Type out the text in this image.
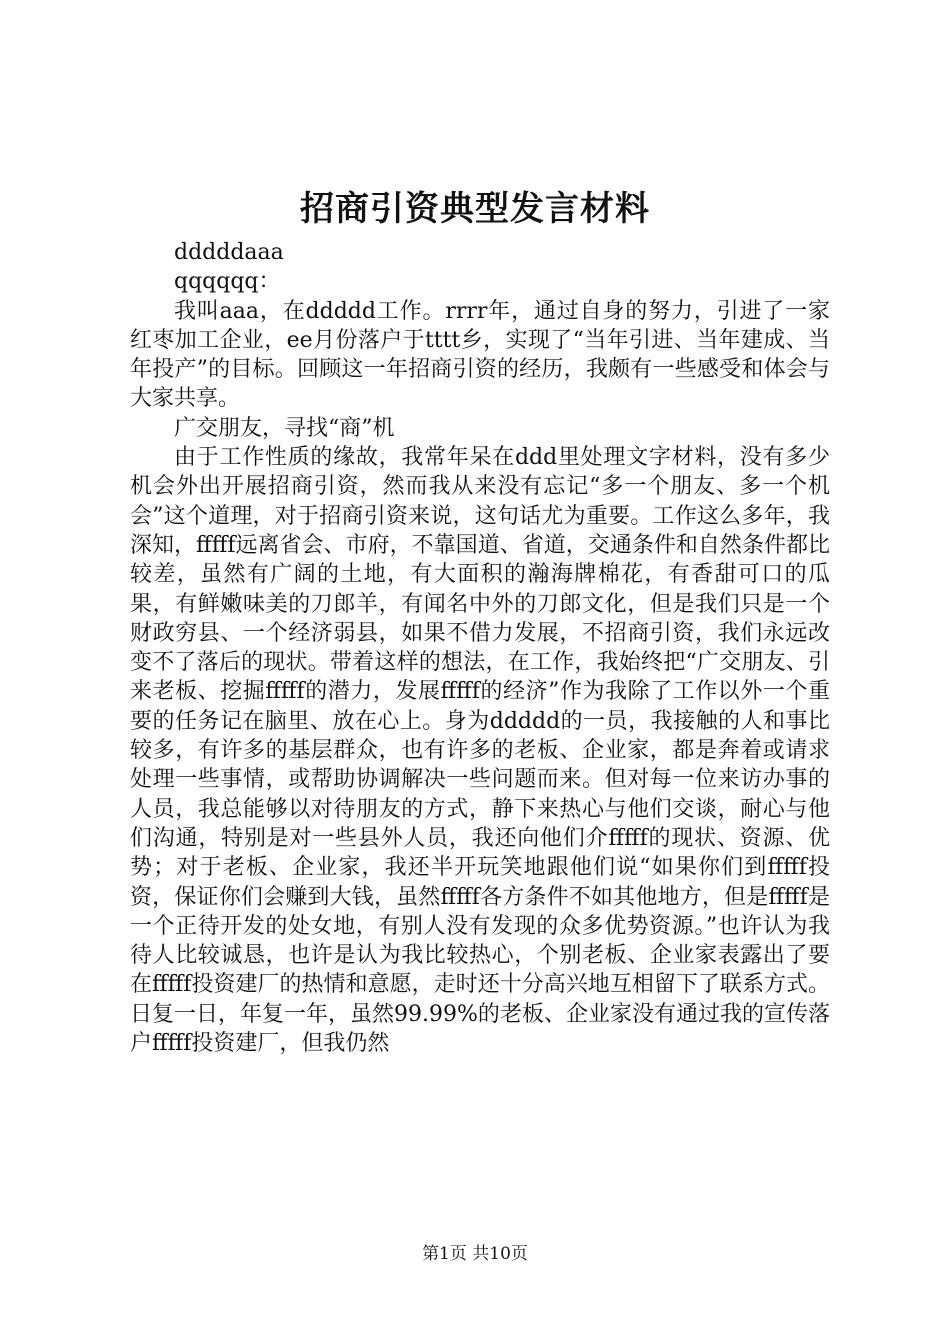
招商引资典型发言材料

dddddaaa

qqqqqq：

我叫aaa，在ddddd工作。rrrr年，通过自身的努力，引进了一家红枣加工企业，ee月份落户于tttt乡，实现了“当年引进、当年建成、当年投产”的目标。回顾这一年招商引资的经历，我颇有一些感受和体会与大家共享。

广交朋友，寻找“商”机

由于工作性质的缘故，我常年呆在ddd里处理文字材料，没有多少机会外出开展招商引资，然而我从来没有忘记“多一个朋友、多一个机会”这个道理，对于招商引资来说，这句话尤为重要。工作这么多年，我深知，fffff远离省会、市府，不靠国道、省道，交通条件和自然条件都比较差，虽然有广阔的土地，有大面积的瀚海牌棉花，有香甜可口的瓜果，有鲜嫩味美的刀郎羊，有闻名中外的刀郎文化，但是我们只是一个财政穷县、一个经济弱县，如果不借力发展，不招商引资，我们永远改变不了落后的现状。带着这样的想法，在工作，我始终把“广交朋友、引来老板、挖掘fffff的潜力，发展fffff的经济”作为我除了工作以外一个重要的任务记在脑里、放在心上。身为ddddd的一员，我接触的人和事比较多，有许多的基层群众，也有许多的老板、企业家，都是奔着或请求处理一些事情，或帮助协调解决一些问题而来。但对每一位来访办事的人员，我总能够以对待朋友的方式，静下来热心与他们交谈，耐心与他们沟通，特别是对一些县外人员，我还向他们介fffff的现状、资源、优势；对于老板、企业家，我还半开玩笑地跟他们说“如果你们到fffff投资，保证你们会赚到大钱，虽然fffff各方条件不如其他地方，但是fffff是一个正待开发的处女地，有别人没有发现的众多优势资源。”也许认为我待人比较诚恳，也许是认为我比较热心，个别老板、企业家表露出了要在fffff投资建厂的热情和意愿，走时还十分高兴地互相留下了联系方式。日复一日，年复一年，虽然99.99%的老板、企业家没有通过我的宣传落户fffff投资建厂，但我仍然

第1页 共10页
